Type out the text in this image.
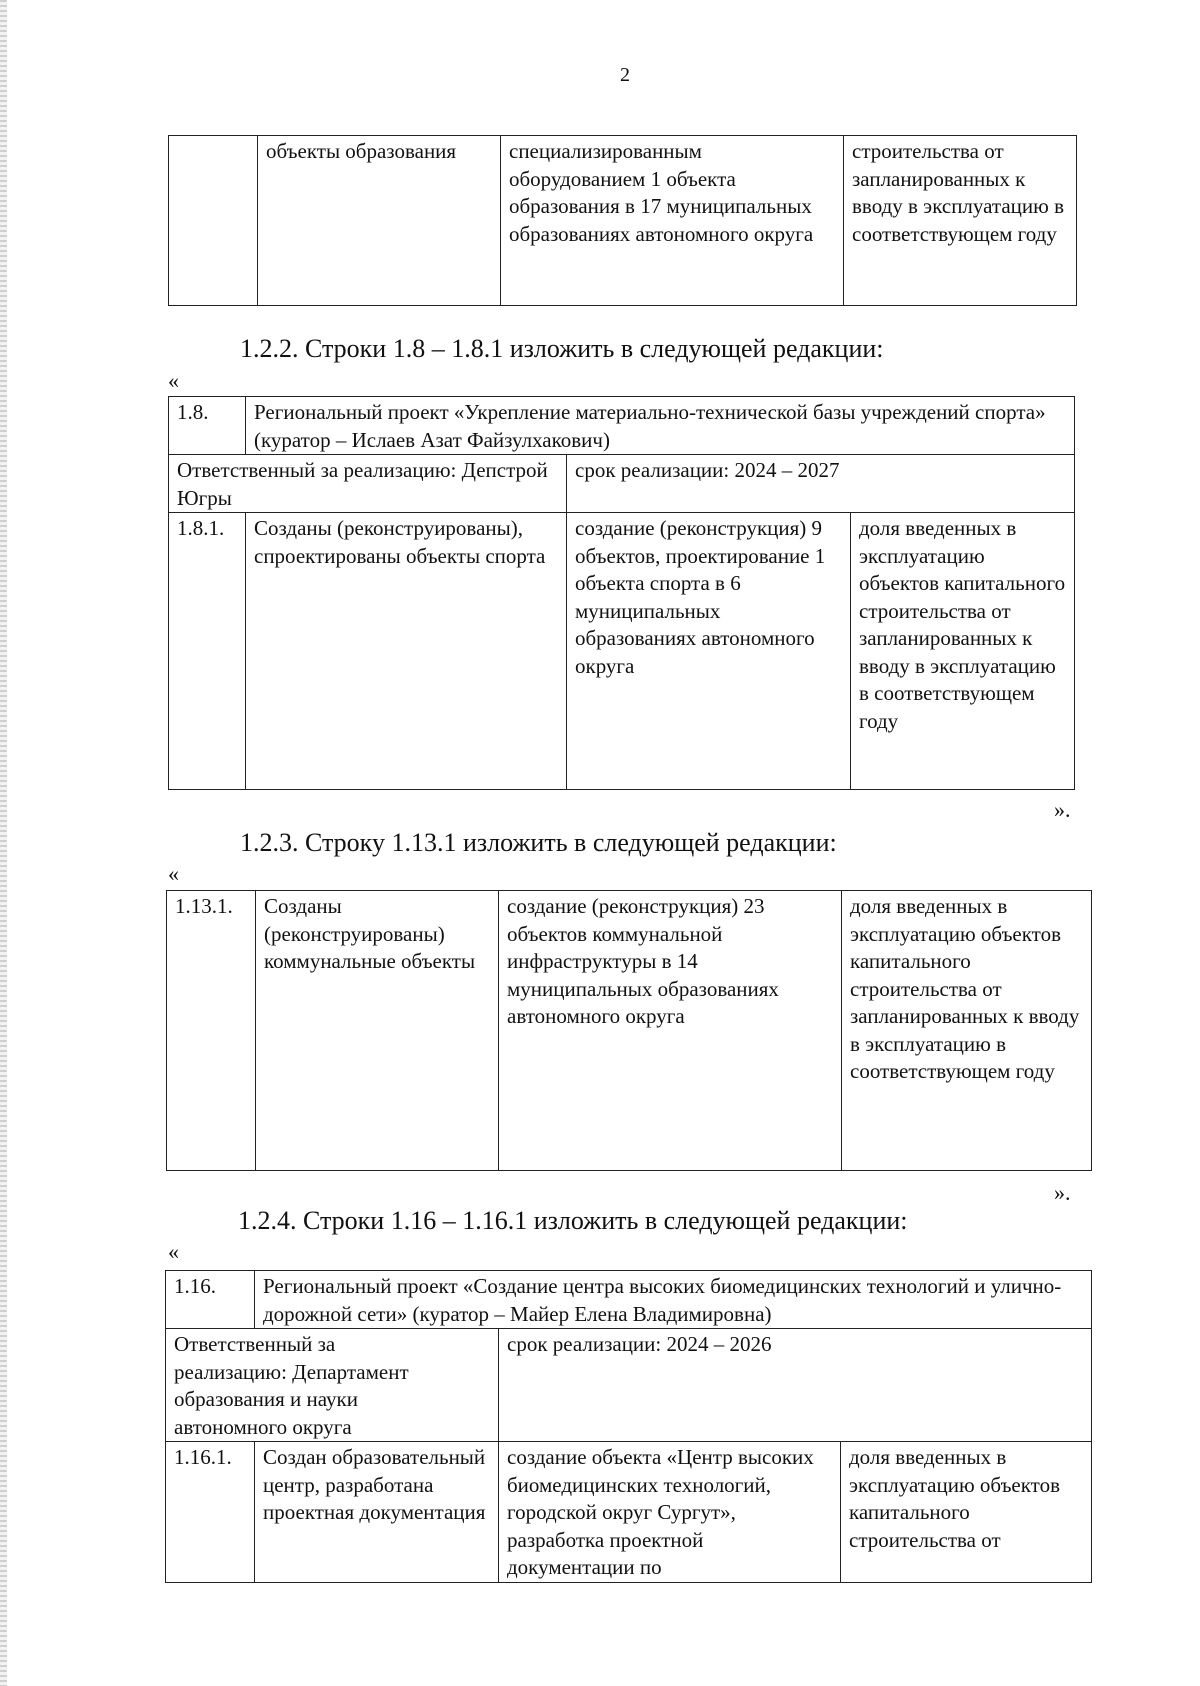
2
	объекты образования	специализированным оборудованием 1 объекта образования в 17 муниципальных образованиях автономного округа	строительства от запланированных к вводу в эксплуатацию в соответствующем году
1.2.2. Строки 1.8 – 1.8.1 изложить в следующей редакции:
«
1.8.	Региональный проект «Укрепление материально-технической базы учреждений спорта» (куратор – Ислаев Азат Файзулхакович)		
Ответственный за реализацию: Депстрой Югры		срок реализации: 2024 – 2027	
1.8.1.	Созданы (реконструированы), спроектированы объекты спорта	создание (реконструкция) 9 объектов, проектирование 1 объекта спорта в 6 муниципальных образованиях автономного округа	доля введенных в эксплуатацию объектов капитального строительства от запланированных к вводу в эксплуатацию в соответствующем году
».
1.2.3. Строку 1.13.1 изложить в следующей редакции:
«
1.13.1.	Созданы (реконструированы) коммунальные объекты	создание (реконструкция) 23 объектов коммунальной инфраструктуры в 14 муниципальных образованиях автономного округа	доля введенных в эксплуатацию объектов капитального строительства от запланированных к вводу в эксплуатацию в соответствующем году
».
1.2.4. Строки 1.16 – 1.16.1 изложить в следующей редакции:
«
1.16.	Региональный проект «Создание центра высоких биомедицинских технологий и улично-дорожной сети» (куратор – Майер Елена Владимировна)		
Ответственный за реализацию: Департамент образования и науки автономного округа		срок реализации: 2024 – 2026	
1.16.1.	Создан образовательный центр, разработана проектная документация	создание объекта «Центр высоких биомедицинских технологий, городской округ Сургут», разработка проектной документации по	доля введенных в эксплуатацию объектов капитального строительства от
